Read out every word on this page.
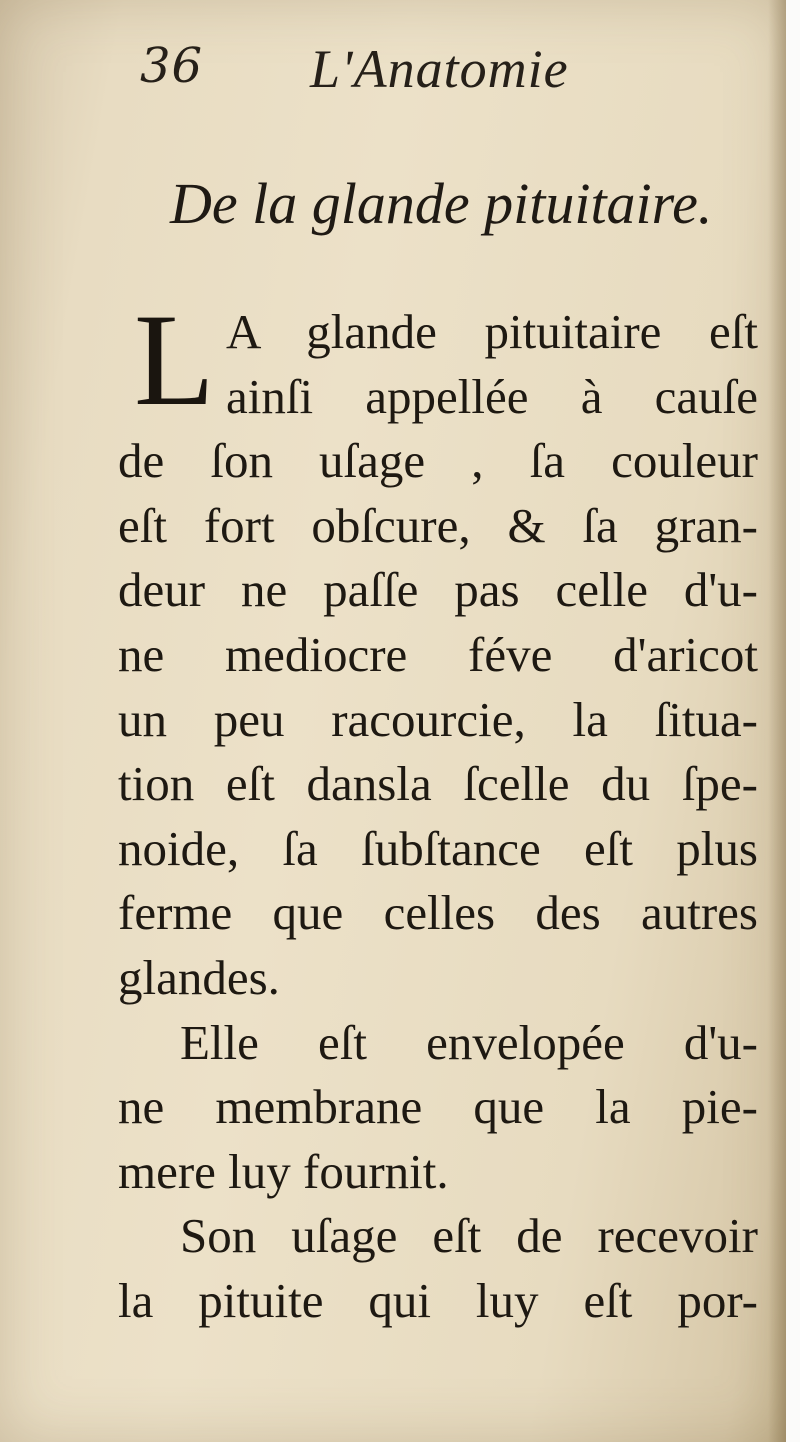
36 L'Anatomie
De la glande pituitaire.
L A glande pituitaire eſt
ainſi appellée à cauſe
de ſon uſage , ſa couleur
eſt fort obſcure, & ſa gran-
deur ne paſſe pas celle d'u-
ne mediocre féve d'aricot
un peu racourcie, la ſitua-
tion eſt dansla ſcelle du ſpe-
noide, ſa ſubſtance eſt plus
ferme que celles des autres
glandes.
Elle eſt envelopée d'u-
ne membrane que la pie-
mere luy fournit.
Son uſage eſt de recevoir
la pituite qui luy eſt por-
